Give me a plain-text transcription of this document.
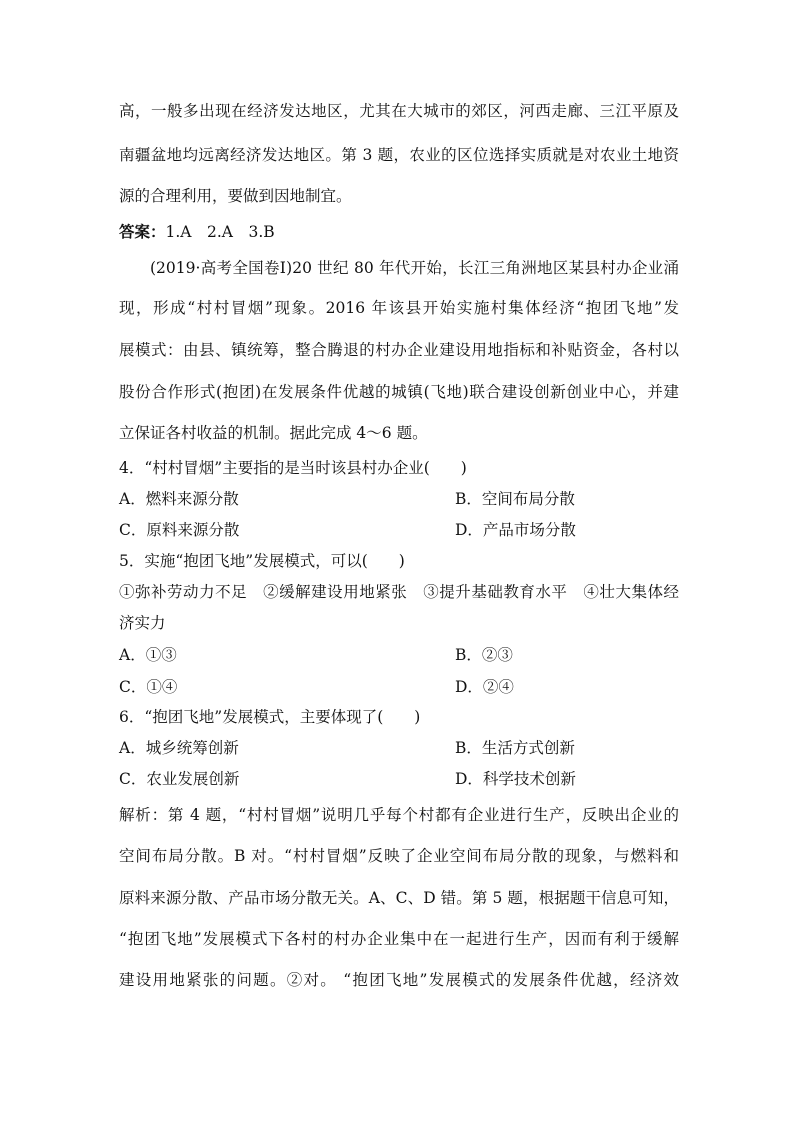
高，一般多出现在经济发达地区，尤其在大城市的郊区，河西走廊、三江平原及
南疆盆地均远离经济发达地区。第 3 题，农业的区位选择实质就是对农业土地资
源的合理利用，要做到因地制宜。
答案：1.A　2.A　3.B
(2019·高考全国卷Ⅰ)20 世纪 80 年代开始，长江三角洲地区某县村办企业涌
现，形成“村村冒烟”现象。2016 年该县开始实施村集体经济“抱团飞地”发
展模式：由县、镇统筹，整合腾退的村办企业建设用地指标和补贴资金，各村以
股份合作形式(抱团)在发展条件优越的城镇(飞地)联合建设创新创业中心，并建
立保证各村收益的机制。据此完成 4～6 题。
4．“村村冒烟”主要指的是当时该县村办企业(　　)
A．燃料来源分散	B．空间布局分散
C．原料来源分散	D．产品市场分散
5．实施“抱团飞地”发展模式，可以(　　)
①弥补劳动力不足　②缓解建设用地紧张　③提升基础教育水平　④壮大集体经
济实力
A．①③	B．②③
C．①④	D．②④
6．“抱团飞地”发展模式，主要体现了(　　)
A．城乡统筹创新	B．生活方式创新
C．农业发展创新	D．科学技术创新
解析：第 4 题，“村村冒烟”说明几乎每个村都有企业进行生产，反映出企业的
空间布局分散。B 对。“村村冒烟”反映了企业空间布局分散的现象，与燃料和
原料来源分散、产品市场分散无关。A、C、D 错。第 5 题，根据题干信息可知，
“抱团飞地”发展模式下各村的村办企业集中在一起进行生产，因而有利于缓解
建设用地紧张的问题。②对。 “抱团飞地”发展模式的发展条件优越，经济效
